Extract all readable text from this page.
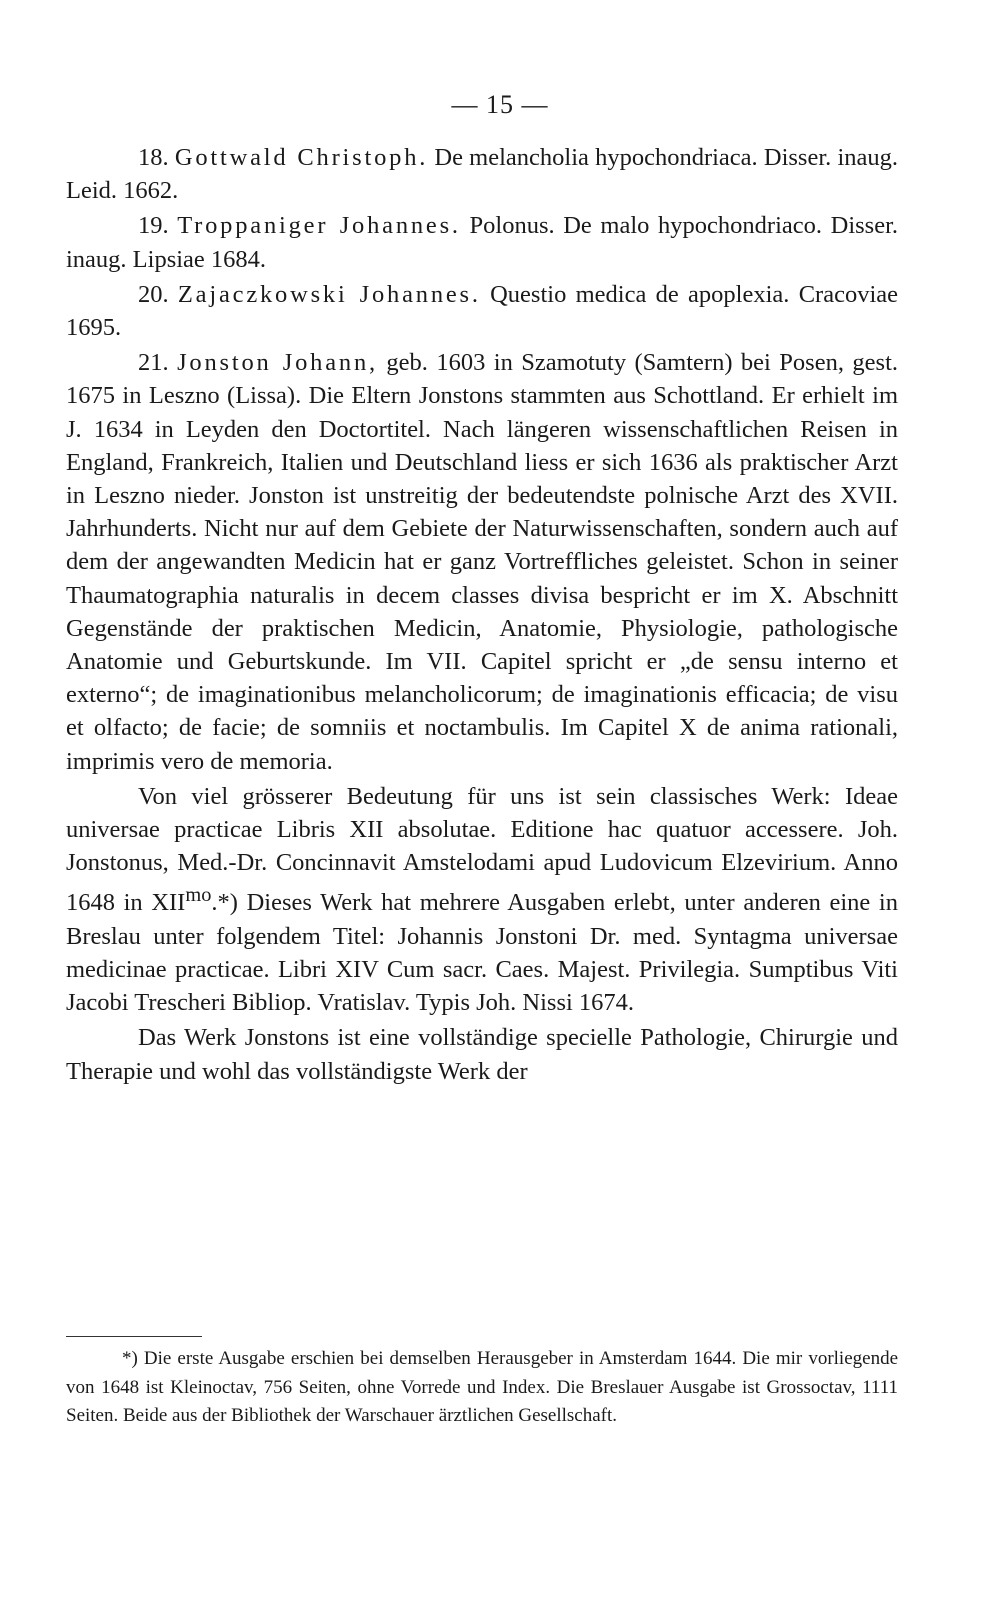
— 15 —

18. Gottwald Christoph. De melancholia hypochondriaca. Disser. inaug. Leid. 1662.

19. Troppaniger Johannes. Polonus. De malo hypochondriaco. Disser. inaug. Lipsiae 1684.

20. Zajaczkowski Johannes. Questio medica de apoplexia. Cracoviae 1695.

21. Jonston Johann, geb. 1603 in Szamotuty (Samtern) bei Posen, gest. 1675 in Leszno (Lissa). Die Eltern Jonstons stammten aus Schottland. Er erhielt im J. 1634 in Leyden den Doctortitel. Nach längeren wissenschaftlichen Reisen in England, Frankreich, Italien und Deutschland liess er sich 1636 als praktischer Arzt in Leszno nieder. Jonston ist unstreitig der bedeutendste polnische Arzt des XVII. Jahrhunderts. Nicht nur auf dem Gebiete der Naturwissenschaften, sondern auch auf dem der angewandten Medicin hat er ganz Vortreffliches geleistet. Schon in seiner Thaumatographia naturalis in decem classes divisa bespricht er im X. Abschnitt Gegenstände der praktischen Medicin, Anatomie, Physiologie, pathologische Anatomie und Geburtskunde. Im VII. Capitel spricht er „de sensu interno et externo“; de imaginationibus melancholicorum; de imaginationis efficacia; de visu et olfacto; de facie; de somniis et noctambulis. Im Capitel X de anima rationali, imprimis vero de memoria.

Von viel grösserer Bedeutung für uns ist sein classisches Werk: Ideae universae practicae Libris XII absolutae. Editione hac quatuor accessere. Joh. Jonstonus, Med.-Dr. Concinnavit Amstelodami apud Ludovicum Elzevirium. Anno 1648 in $XII^{mo}.*$) Dieses Werk hat mehrere Ausgaben erlebt, unter anderen eine in Breslau unter folgendem Titel: Johannis Jonstoni Dr. med. Syntagma universae medicinae practicae. Libri XIV Cum sacr. Caes. Majest. Privilegia. Sumptibus Viti Jacobi Trescheri Bibliop. Vratislav. Typis Joh. Nissi 1674.

Das Werk Jonstons ist eine vollständige specielle Pathologie, Chirurgie und Therapie und wohl das vollständigste Werk der

*) Die erste Ausgabe erschien bei demselben Herausgeber in Amsterdam 1644. Die mir vorliegende von 1648 ist Kleinoctav, 756 Seiten, ohne Vorrede und Index. Die Breslauer Ausgabe ist Grossoctav, 1111 Seiten. Beide aus der Bibliothek der Warschauer ärztlichen Gesellschaft.
